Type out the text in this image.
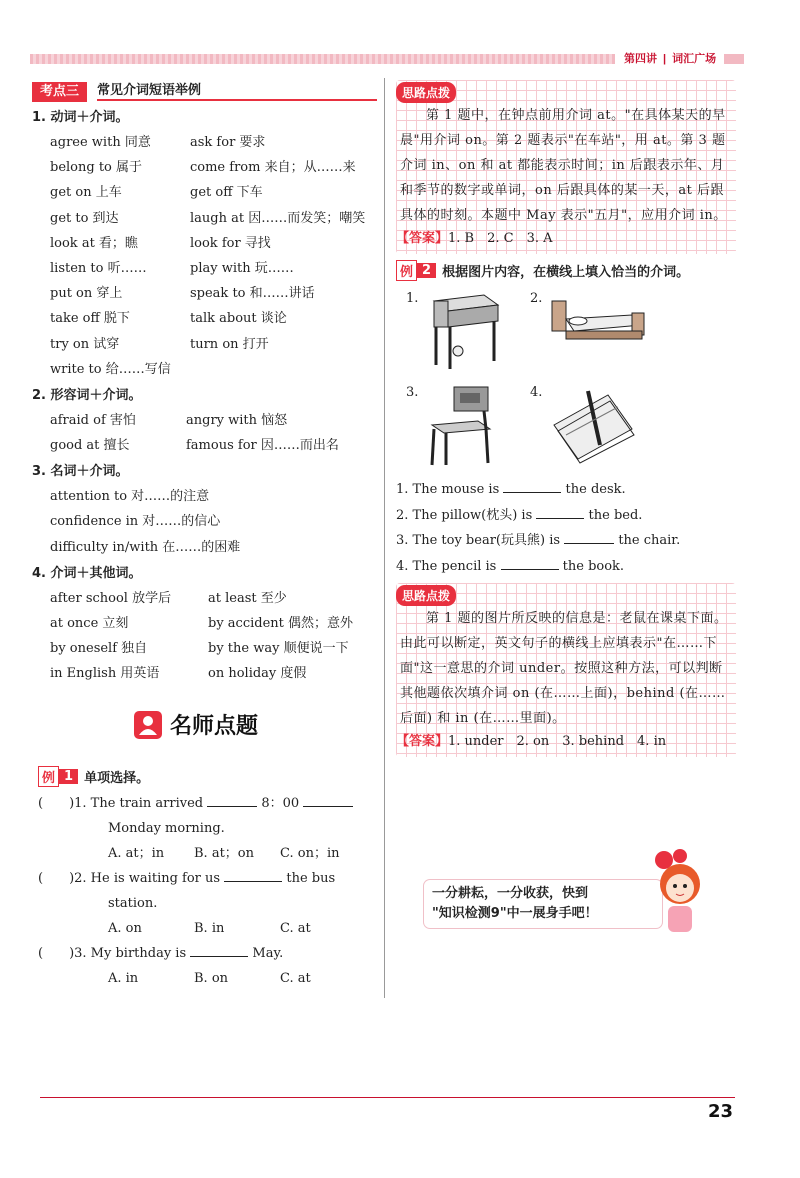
第四讲 | 词汇广场
考点三	常见介词短语举例
1. 动词＋介词。
agree with 同意	ask for 要求
belong to 属于	come from 来自；从……来
get on 上车	get off 下车
get to 到达	laugh at 因……而发笑；嘲笑
look at 看；瞧	look for 寻找
listen to 听……	play with 玩……
put on 穿上	speak to 和……讲话
take off 脱下	talk about 谈论
try on 试穿	turn on 打开
write to 给……写信
2. 形容词＋介词。
afraid of 害怕	angry with 恼怒
good at 擅长	famous for 因……而出名
3. 名词＋介词。
attention to 对……的注意
confidence in 对……的信心
difficulty in/with 在……的困难
4. 介词＋其他词。
after school 放学后	at least 至少
at once 立刻	by accident 偶然；意外
by oneself 独自	by the way 顺便说一下
in English 用英语	on holiday 度假
名师点题
例 1 单项选择。
(　　)1. The train arrived	8：00
Monday morning.
A. at；in	B. at；on	C. on；in
(　　)2. He is waiting for us	the bus
station.
A. on	B. in	C. at
(　　)3. My birthday is	May.
A. in	B. on	C. at
思路点拨
第 1 题中，在钟点前用介词 at。"在具体某天的早晨"用介词 on。第 2 题表示"在车站"，用 at。第 3 题介词 in、on 和 at 都能表示时间；in 后跟表示年、月和季节的数字或单词，on 后跟具体的某一天，at 后跟具体的时刻。本题中 May 表示"五月"，应用介词 in。
【答案】1. B　2. C　3. A
例 2 根据图片内容，在横线上填入恰当的介词。
1.	2.
3.	4.
1. The mouse is	the desk.
2. The pillow(枕头) is	the bed.
3. The toy bear(玩具熊) is	the chair.
4. The pencil is	the book.
思路点拨
第 1 题的图片所反映的信息是：老鼠在课桌下面。由此可以断定，英文句子的横线上应填表示"在……下面"这一意思的介词 under。按照这种方法，可以判断其他题依次填介词 on (在……上面)，behind (在……后面) 和 in (在……里面)。
【答案】1. under　2. on　3. behind　4. in
一分耕耘，一分收获，快到
"知识检测9"中一展身手吧！
23
